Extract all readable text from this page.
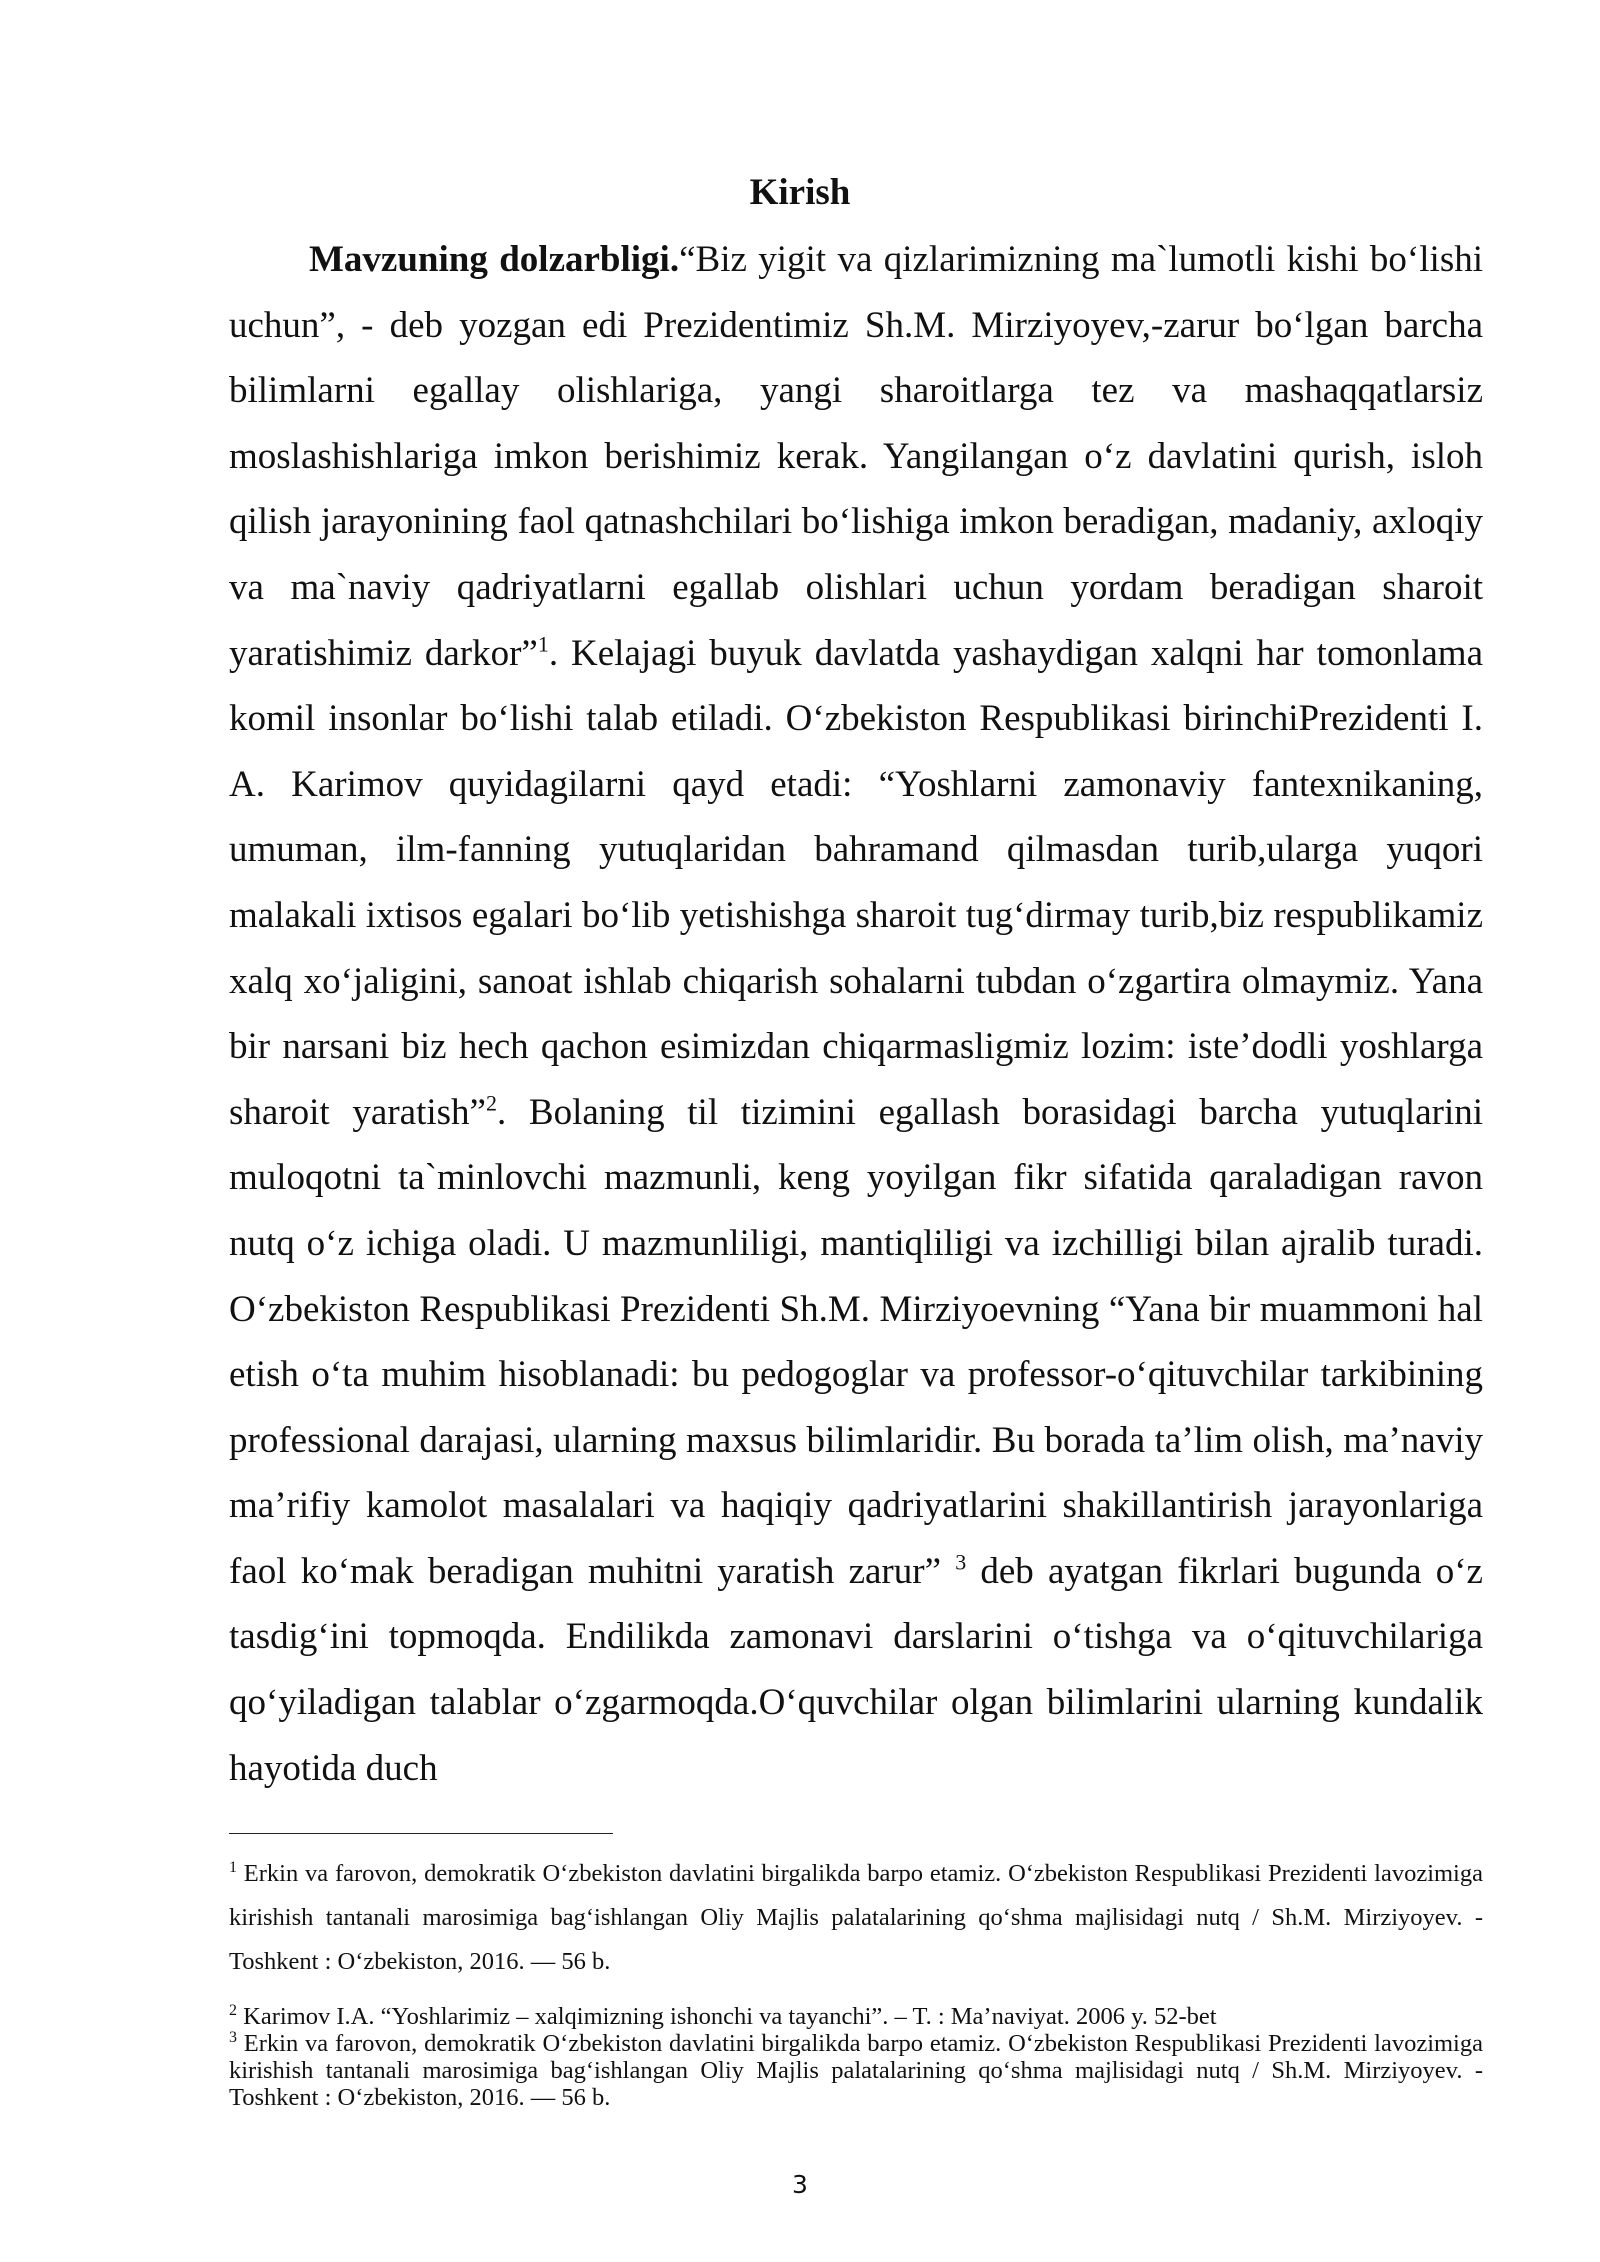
Kirish

Mavzuning dolzarbligi.“Biz yigit va qizlarimizning ma`lumotli kishi bo‘lishi uchun”, - deb yozgan edi Prezidentimiz Sh.M. Mirziyoyev,-zarur bo‘lgan barcha bilimlarni egallay olishlariga, yangi sharoitlarga tez va mashaqqatlarsiz moslashishlariga imkon berishimiz kerak. Yangilangan o‘z davlatini qurish, isloh qilish jarayonining faol qatnashchilari bo‘lishiga imkon beradigan, madaniy, axloqiy va ma`naviy qadriyatlarni egallab olishlari uchun yordam beradigan sharoit yaratishimiz darkor”$^1$. Kelajagi buyuk davlatda yashaydigan xalqni har tomonlama komil insonlar bo‘lishi talab etiladi. O‘zbekiston Respublikasi birinchiPrezidenti I. A. Karimov quyidagilarni qayd etadi: “Yoshlarni zamonaviy fantexnikaning, umuman, ilm-fanning yutuqlaridan bahramand qilmasdan turib,ularga yuqori malakali ixtisos egalari bo‘lib yetishishga sharoit tug‘dirmay turib,biz respublikamiz xalq xo‘jaligini, sanoat ishlab chiqarish sohalarni tubdan o‘zgartira olmaymiz. Yana bir narsani biz hech qachon esimizdan chiqarmasligmiz lozim: iste’dodli yoshlarga sharoit yaratish”$^2$. Bolaning til tizimini egallash borasidagi barcha yutuqlarini muloqotni ta`minlovchi mazmunli, keng yoyilgan fikr sifatida qaraladigan ravon nutq o‘z ichiga oladi. U mazmunliligi, mantiqliligi va izchilligi bilan ajralib turadi. O‘zbekiston Respublikasi Prezidenti Sh.M. Mirziyoevning “Yana bir muammoni hal etish o‘ta muhim hisoblanadi: bu pedogoglar va professor-o‘qituvchilar tarkibining professional darajasi, ularning maxsus bilimlaridir. Bu borada ta’lim olish, ma’naviy ma’rifiy kamolot masalalari va haqiqiy qadriyatlarini shakillantirish jarayonlariga faol ko‘mak beradigan muhitni yaratish zarur” $^3$ deb ayatgan fikrlari bugunda o‘z tasdig‘ini topmoqda. Endilikda zamonavi darslarini o‘tishga va o‘qituvchilariga qo‘yiladigan talablar o‘zgarmoqda.O‘quvchilar olgan bilimlarini ularning kundalik hayotida duch

$^1$ Erkin va farovon, demokratik O‘zbekiston davlatini birgalikda barpo etamiz. O‘zbekiston Respublikasi Prezidenti lavozimiga kirishish tantanali marosimiga bag‘ishlangan Oliy Majlis palatalarining qo‘shma majlisidagi nutq / Sh.M. Mirziyoyev. - Toshkent : O‘zbekiston, 2016. — 56 b.

$^2$ Karimov I.A. “Yoshlarimiz – xalqimizning ishonchi va tayanchi”. – T. : Ma’naviyat. 2006 y. 52-bet

$^3$ Erkin va farovon, demokratik O‘zbekiston davlatini birgalikda barpo etamiz. O‘zbekiston Respublikasi Prezidenti lavozimiga kirishish tantanali marosimiga bag‘ishlangan Oliy Majlis palatalarining qo‘shma majlisidagi nutq / Sh.M. Mirziyoyev. - Toshkent : O‘zbekiston, 2016. — 56 b.

3
